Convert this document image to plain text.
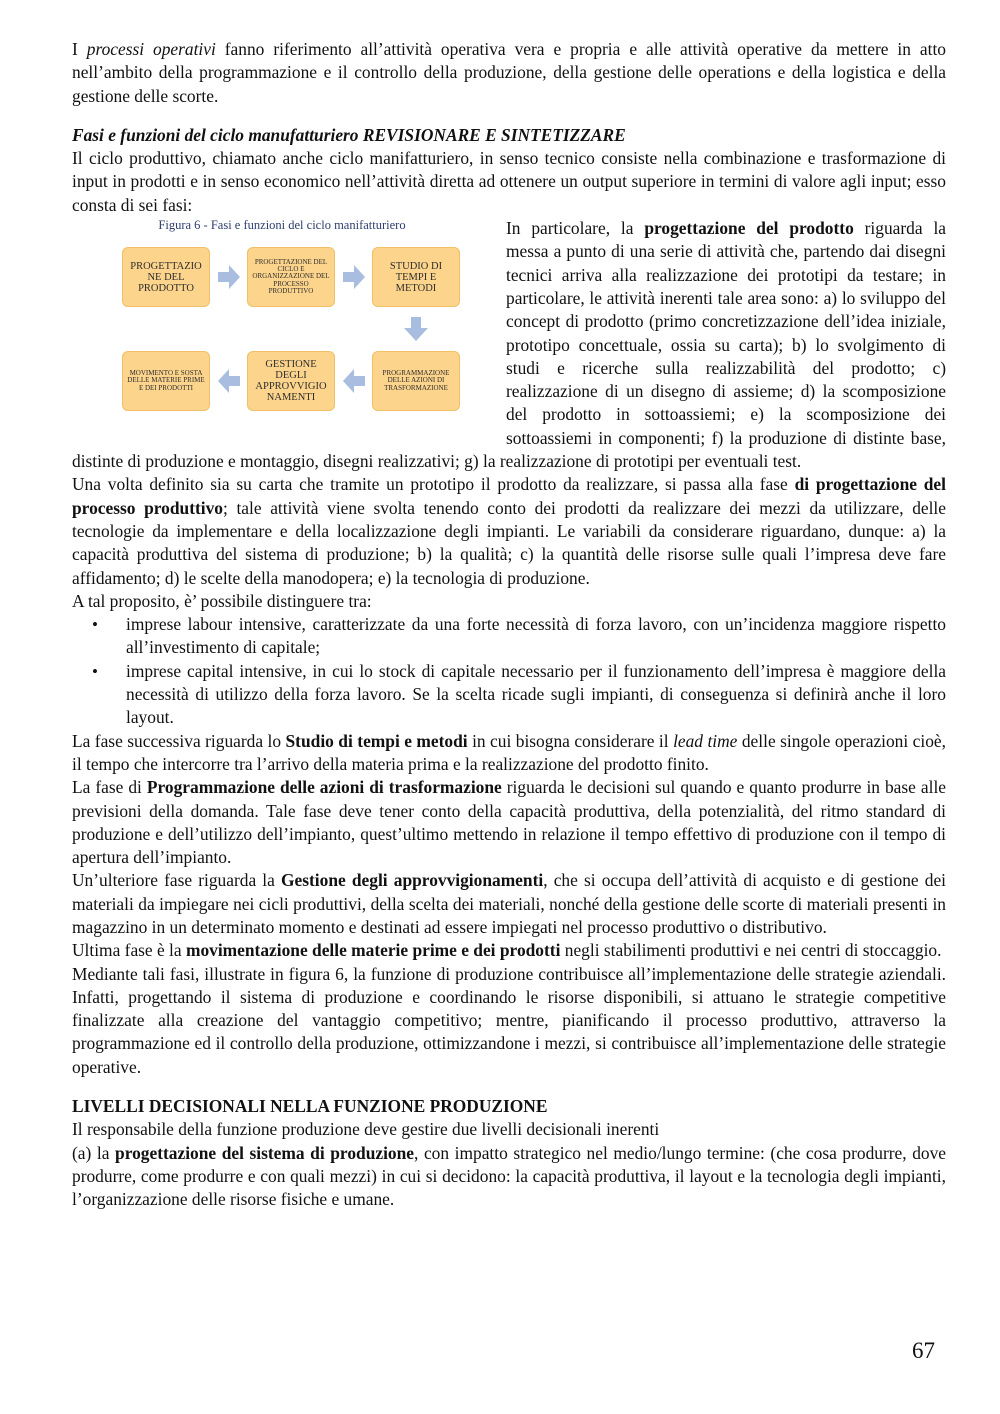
I processi operativi fanno riferimento all’attività operativa vera e propria e alle attività operative da mettere in atto nell’ambito della programmazione e il controllo della produzione, della gestione delle operations e della logistica e della gestione delle scorte.

Fasi e funzioni del ciclo manufatturiero REVISIONARE E SINTETIZZARE

Il ciclo produttivo, chiamato anche ciclo manifatturiero, in senso tecnico consiste nella combinazione e trasformazione di input in prodotti e in senso economico nell’attività diretta ad ottenere un output superiore in termini di valore agli input; esso consta di sei fasi:

Figura 6 - Fasi e funzioni del ciclo manifatturiero
PROGETTAZIO NE DEL PRODOTTO
PROGETTAZIONE DEL CICLO E ORGANIZZAZIONE DEL PROCESSO PRODUTTIVO
STUDIO DI TEMPI E METODI
PROGRAMMAZIONE DELLE AZIONI DI TRASFORMAZIONE
GESTIONE DEGLI APPROVVIGIO NAMENTI
MOVIMENTO E SOSTA DELLE MATERIE PRIME E DEI PRODOTTI

In particolare, la progettazione del prodotto riguarda la messa a punto di una serie di attività che, partendo dai disegni tecnici arriva alla realizzazione dei prototipi da testare; in particolare, le attività inerenti tale area sono: a) lo sviluppo del concept di prodotto (primo concretizzazione dell’idea iniziale, prototipo concettuale, ossia su carta); b) lo svolgimento di studi e ricerche sulla realizzabilità del prodotto; c) realizzazione di un disegno di assieme; d) la scomposizione del prodotto in sottoassiemi; e) la scomposizione dei sottoassiemi in componenti; f) la produzione di distinte base, distinte di produzione e montaggio, disegni realizzativi; g) la realizzazione di prototipi per eventuali test.

Una volta definito sia su carta che tramite un prototipo il prodotto da realizzare, si passa alla fase di progettazione del processo produttivo; tale attività viene svolta tenendo conto dei prodotti da realizzare dei mezzi da utilizzare, delle tecnologie da implementare e della localizzazione degli impianti. Le variabili da considerare riguardano, dunque: a) la capacità produttiva del sistema di produzione; b) la qualità; c) la quantità delle risorse sulle quali l’impresa deve fare affidamento; d) le scelte della manodopera; e) la tecnologia di produzione.

A tal proposito, è’ possibile distinguere tra:

• imprese labour intensive, caratterizzate da una forte necessità di forza lavoro, con un’incidenza maggiore rispetto all’investimento di capitale;
• imprese capital intensive, in cui lo stock di capitale necessario per il funzionamento dell’impresa è maggiore della necessità di utilizzo della forza lavoro. Se la scelta ricade sugli impianti, di conseguenza si definirà anche il loro layout.

La fase successiva riguarda lo Studio di tempi e metodi in cui bisogna considerare il lead time delle singole operazioni cioè, il tempo che intercorre tra l’arrivo della materia prima e la realizzazione del prodotto finito.

La fase di Programmazione delle azioni di trasformazione riguarda le decisioni sul quando e quanto produrre in base alle previsioni della domanda. Tale fase deve tener conto della capacità produttiva, della potenzialità, del ritmo standard di produzione e dell’utilizzo dell’impianto, quest’ultimo mettendo in relazione il tempo effettivo di produzione con il tempo di apertura dell’impianto.

Un’ulteriore fase riguarda la Gestione degli approvvigionamenti, che si occupa dell’attività di acquisto e di gestione dei materiali da impiegare nei cicli produttivi, della scelta dei materiali, nonché della gestione delle scorte di materiali presenti in magazzino in un determinato momento e destinati ad essere impiegati nel processo produttivo o distributivo.

Ultima fase è la movimentazione delle materie prime e dei prodotti negli stabilimenti produttivi e nei centri di stoccaggio.

Mediante tali fasi, illustrate in figura 6, la funzione di produzione contribuisce all’implementazione delle strategie aziendali. Infatti, progettando il sistema di produzione e coordinando le risorse disponibili, si attuano le strategie competitive finalizzate alla creazione del vantaggio competitivo; mentre, pianificando il processo produttivo, attraverso la programmazione ed il controllo della produzione, ottimizzandone i mezzi, si contribuisce all’implementazione delle strategie operative.

LIVELLI DECISIONALI NELLA FUNZIONE PRODUZIONE

Il responsabile della funzione produzione deve gestire due livelli decisionali inerenti

(a) la progettazione del sistema di produzione, con impatto strategico nel medio/lungo termine: (che cosa produrre, dove produrre, come produrre e con quali mezzi) in cui si decidono: la capacità produttiva, il layout e la tecnologia degli impianti, l’organizzazione delle risorse fisiche e umane.

67
